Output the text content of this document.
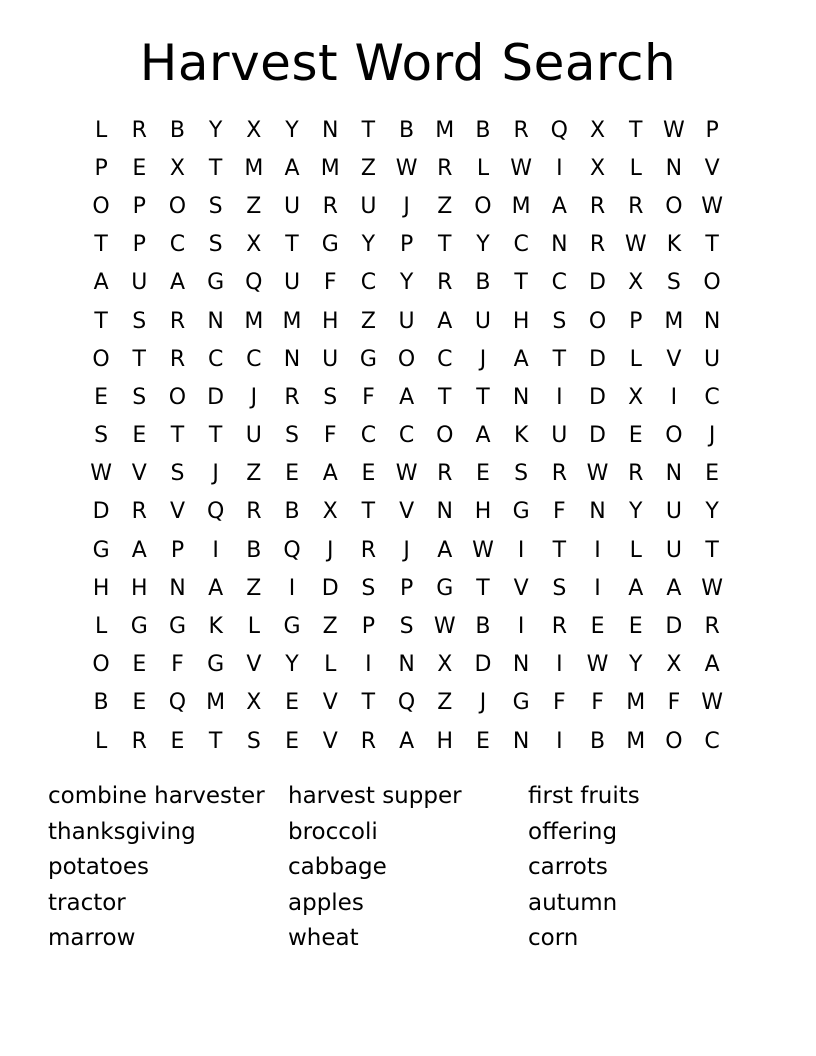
Harvest Word Search
L	R	B	Y	X	Y	N	T	B M B	R Q X	T W P
P	E	X	T M A M Z W R	L W	I	X	L	N	V
O	P	O	S	Z	U	R	U	J	Z O M A	R	R O W
T	P	C	S	X	T	G	Y	P	T	Y	C	N	R W K	T
A	U	A	G Q U	F	C	Y	R	B	T	C	D	X	S	O
T	S	R	N M M H	Z	U	A	U H	S	O	P	M N
O	T	R	C	C	N U G O C	J	A	T	D	L	V	U
E	S	O D	J	R	S	F	A	T	T	N	I	D	X	I	C
S	E	T	T	U	S	F	C	C O	A	K	U D	E	O	J
W V	S	J	Z	E	A	E W R	E	S	R W R	N	E
D	R	V Q R	B	X	T	V	N H G	F	N	Y	U	Y
G	A	P	I	B Q	J	R	J	A W	I	T	I	L	U	T
H H N	A	Z	I	D	S	P	G	T	V	S	I	A	A W
L	G G	K	L	G	Z	P	S W B	I	R	E	E	D	R
O	E	F	G	V	Y	L	I	N	X	D N	I	W Y	X	A
B	E	Q M X	E	V	T	Q Z	J	G	F	F	M	F W
L	R	E	T	S	E	V	R	A	H	E	N	I	B M O C
combine harvester	harvest supper	first fruits
thanksgiving	broccoli	offering
potatoes	cabbage	carrots
tractor	apples	autumn
marrow	wheat	corn
